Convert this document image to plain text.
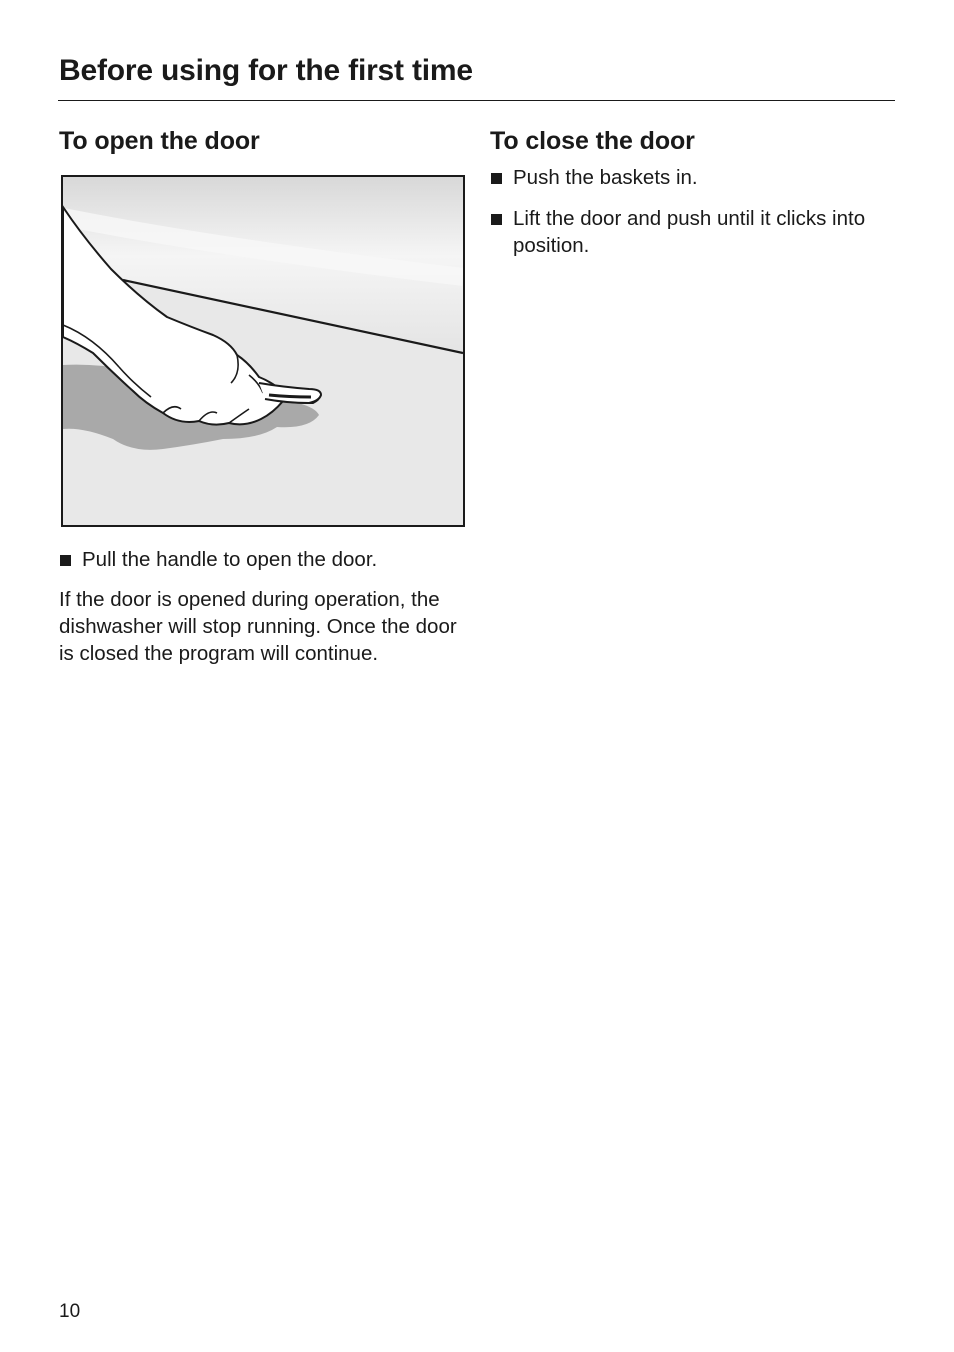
Before using for the first time
To open the door

Pull the handle to open the door.

If the door is opened during operation, the dishwasher will stop running. Once the door is closed the program will continue.

To close the door

Push the baskets in.

Lift the door and push until it clicks into position.

10
